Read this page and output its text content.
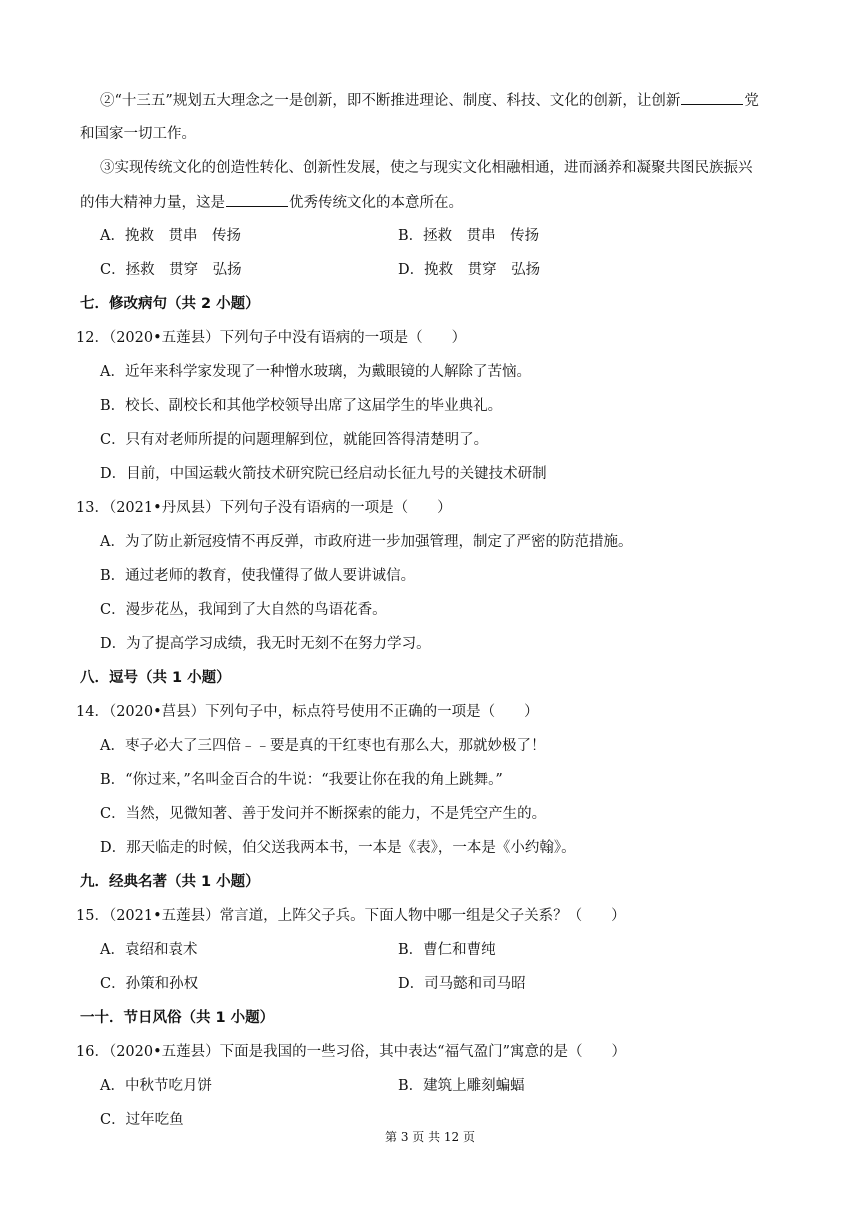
②“十三五”规划五大理念之一是创新，即不断推进理论、制度、科技、文化的创新，让创新	党
和国家一切工作。
③实现传统文化的创造性转化、创新性发展，使之与现实文化相融相通，进而涵养和凝聚共图民族振兴
的伟大精神力量，这是	优秀传统文化的本意所在。
A．挽救　贯串　传扬	B．拯救　贯串　传扬
C．拯救　贯穿　弘扬	D．挽救　贯穿　弘扬
七．修改病句（共 2 小题）
12．（2020•五莲县）下列句子中没有语病的一项是（　　）
A．近年来科学家发现了一种憎水玻璃，为戴眼镜的人解除了苦恼。
B．校长、副校长和其他学校领导出席了这届学生的毕业典礼。
C．只有对老师所提的问题理解到位，就能回答得清楚明了。
D．目前，中国运载火箭技术研究院已经启动长征九号的关键技术研制
13．（2021•丹凤县）下列句子没有语病的一项是（　　）
A．为了防止新冠疫情不再反弹，市政府进一步加强管理，制定了严密的防范措施。
B．通过老师的教育，使我懂得了做人要讲诚信。
C．漫步花丛，我闻到了大自然的鸟语花香。
D．为了提高学习成绩，我无时无刻不在努力学习。
八．逗号（共 1 小题）
14．（2020•莒县）下列句子中，标点符号使用不正确的一项是（　　）
A．枣子必大了三四倍﹣﹣要是真的干红枣也有那么大，那就妙极了！
B．“你过来，”名叫金百合的牛说：“我要让你在我的角上跳舞。”
C．当然，见微知著、善于发问并不断探索的能力，不是凭空产生的。
D．那天临走的时候，伯父送我两本书，一本是《表》，一本是《小约翰》。
九．经典名著（共 1 小题）
15．（2021•五莲县）常言道，上阵父子兵。下面人物中哪一组是父子关系？（　　）
A．袁绍和袁术	B．曹仁和曹纯
C．孙策和孙权	D．司马懿和司马昭
一十．节日风俗（共 1 小题）
16．（2020•五莲县）下面是我国的一些习俗，其中表达“福气盈门”寓意的是（　　）
A．中秋节吃月饼	B．建筑上雕刻蝙蝠
C．过年吃鱼
第 3 页 共 12 页
